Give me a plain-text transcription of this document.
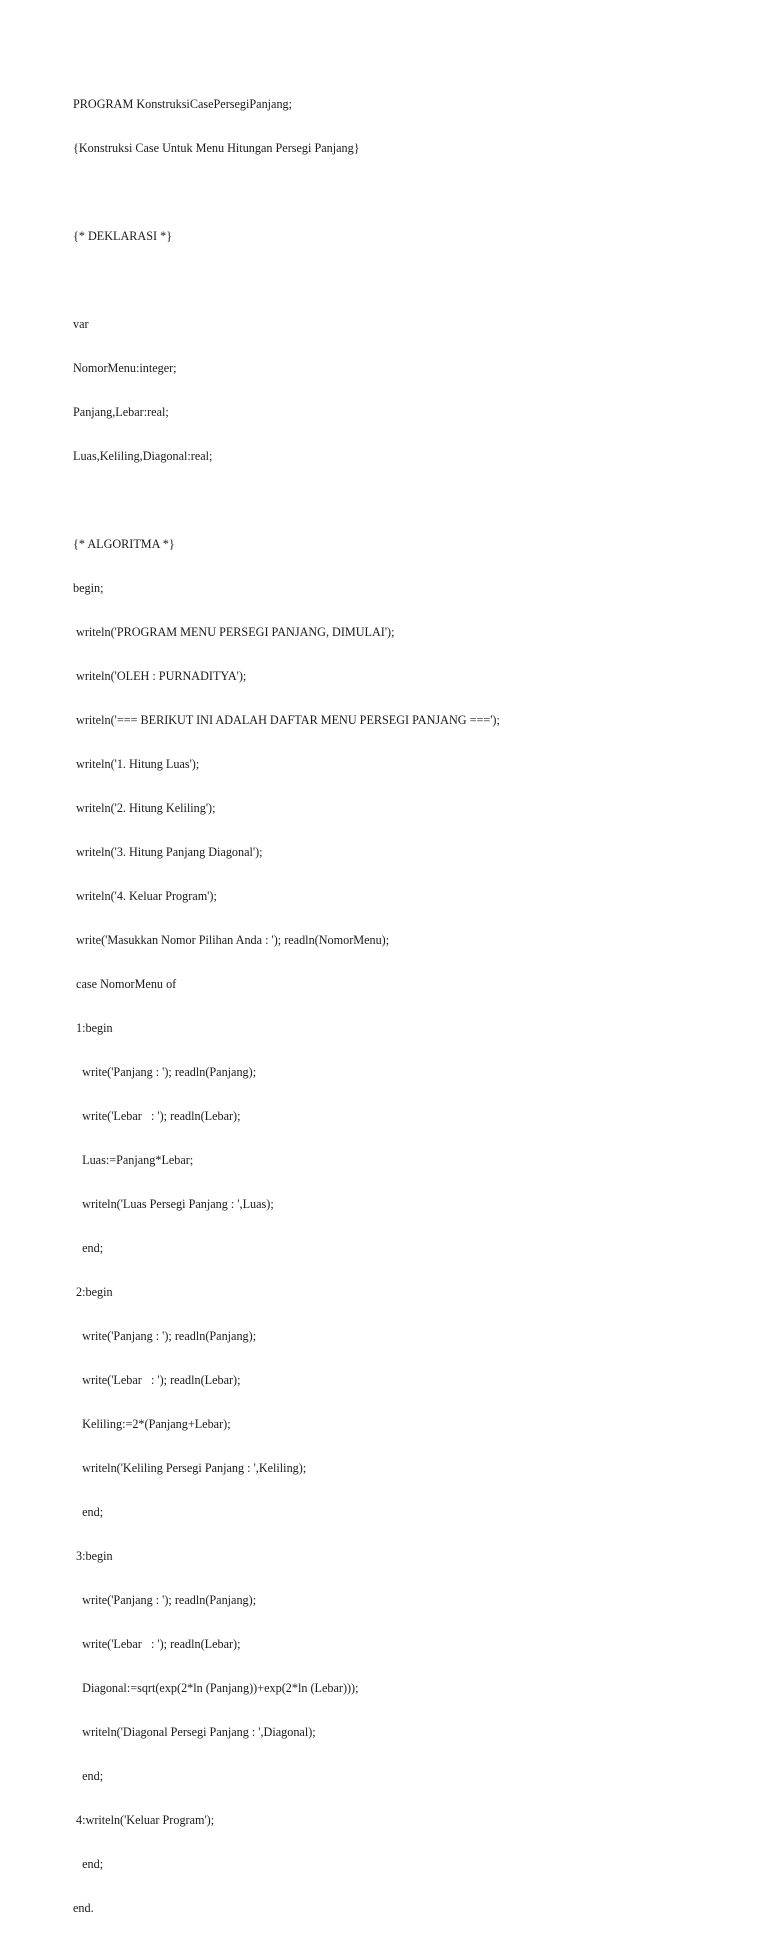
PROGRAM KonstruksiCasePersegiPanjang;

{Konstruksi Case Untuk Menu Hitungan Persegi Panjang}

{* DEKLARASI *}

var

NomorMenu:integer;

Panjang,Lebar:real;

Luas,Keliling,Diagonal:real;

{* ALGORITMA *}

begin;

writeln('PROGRAM MENU PERSEGI PANJANG, DIMULAI');

writeln('OLEH : PURNADITYA');

writeln('=== BERIKUT INI ADALAH DAFTAR MENU PERSEGI PANJANG ===');

writeln('1. Hitung Luas');

writeln('2. Hitung Keliling');

writeln('3. Hitung Panjang Diagonal');

writeln('4. Keluar Program');

write('Masukkan Nomor Pilihan Anda : '); readln(NomorMenu);

case NomorMenu of

1:begin

write('Panjang : '); readln(Panjang);

write('Lebar   : '); readln(Lebar);

Luas:=Panjang*Lebar;

writeln('Luas Persegi Panjang : ',Luas);

end;

2:begin

write('Panjang : '); readln(Panjang);

write('Lebar   : '); readln(Lebar);

Keliling:=2*(Panjang+Lebar);

writeln('Keliling Persegi Panjang : ',Keliling);

end;

3:begin

write('Panjang : '); readln(Panjang);

write('Lebar   : '); readln(Lebar);

Diagonal:=sqrt(exp(2*ln (Panjang))+exp(2*ln (Lebar)));

writeln('Diagonal Persegi Panjang : ',Diagonal);

end;

4:writeln('Keluar Program');

end;

end.
